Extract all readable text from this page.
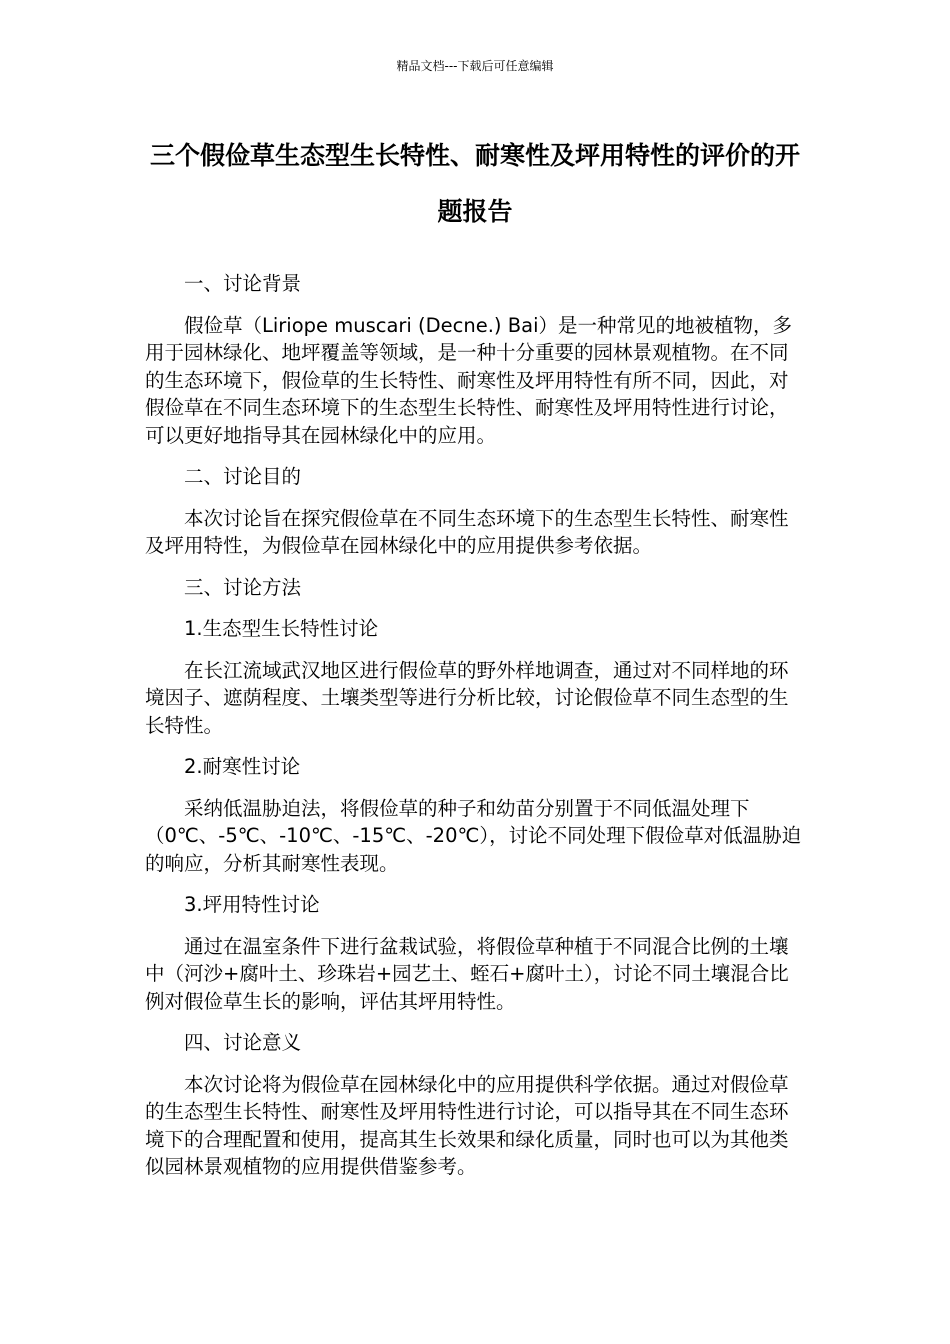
精品文档---下载后可任意编辑
三个假俭草生态型生长特性、耐寒性及坪用特性的评价的开题报告

一、讨论背景

假俭草（Liriope muscari (Decne.) Bai）是一种常见的地被植物，多用于园林绿化、地坪覆盖等领域，是一种十分重要的园林景观植物。在不同的生态环境下，假俭草的生长特性、耐寒性及坪用特性有所不同，因此，对假俭草在不同生态环境下的生态型生长特性、耐寒性及坪用特性进行讨论，可以更好地指导其在园林绿化中的应用。

二、讨论目的

本次讨论旨在探究假俭草在不同生态环境下的生态型生长特性、耐寒性及坪用特性，为假俭草在园林绿化中的应用提供参考依据。

三、讨论方法

1.生态型生长特性讨论

在长江流域武汉地区进行假俭草的野外样地调查，通过对不同样地的环境因子、遮荫程度、土壤类型等进行分析比较，讨论假俭草不同生态型的生长特性。

2.耐寒性讨论

采纳低温胁迫法，将假俭草的种子和幼苗分别置于不同低温处理下（0℃、-5℃、-10℃、-15℃、-20℃），讨论不同处理下假俭草对低温胁迫的响应，分析其耐寒性表现。

3.坪用特性讨论

通过在温室条件下进行盆栽试验，将假俭草种植于不同混合比例的土壤中（河沙+腐叶土、珍珠岩+园艺土、蛭石+腐叶土），讨论不同土壤混合比例对假俭草生长的影响，评估其坪用特性。

四、讨论意义

本次讨论将为假俭草在园林绿化中的应用提供科学依据。通过对假俭草的生态型生长特性、耐寒性及坪用特性进行讨论，可以指导其在不同生态环境下的合理配置和使用，提高其生长效果和绿化质量，同时也可以为其他类似园林景观植物的应用提供借鉴参考。
